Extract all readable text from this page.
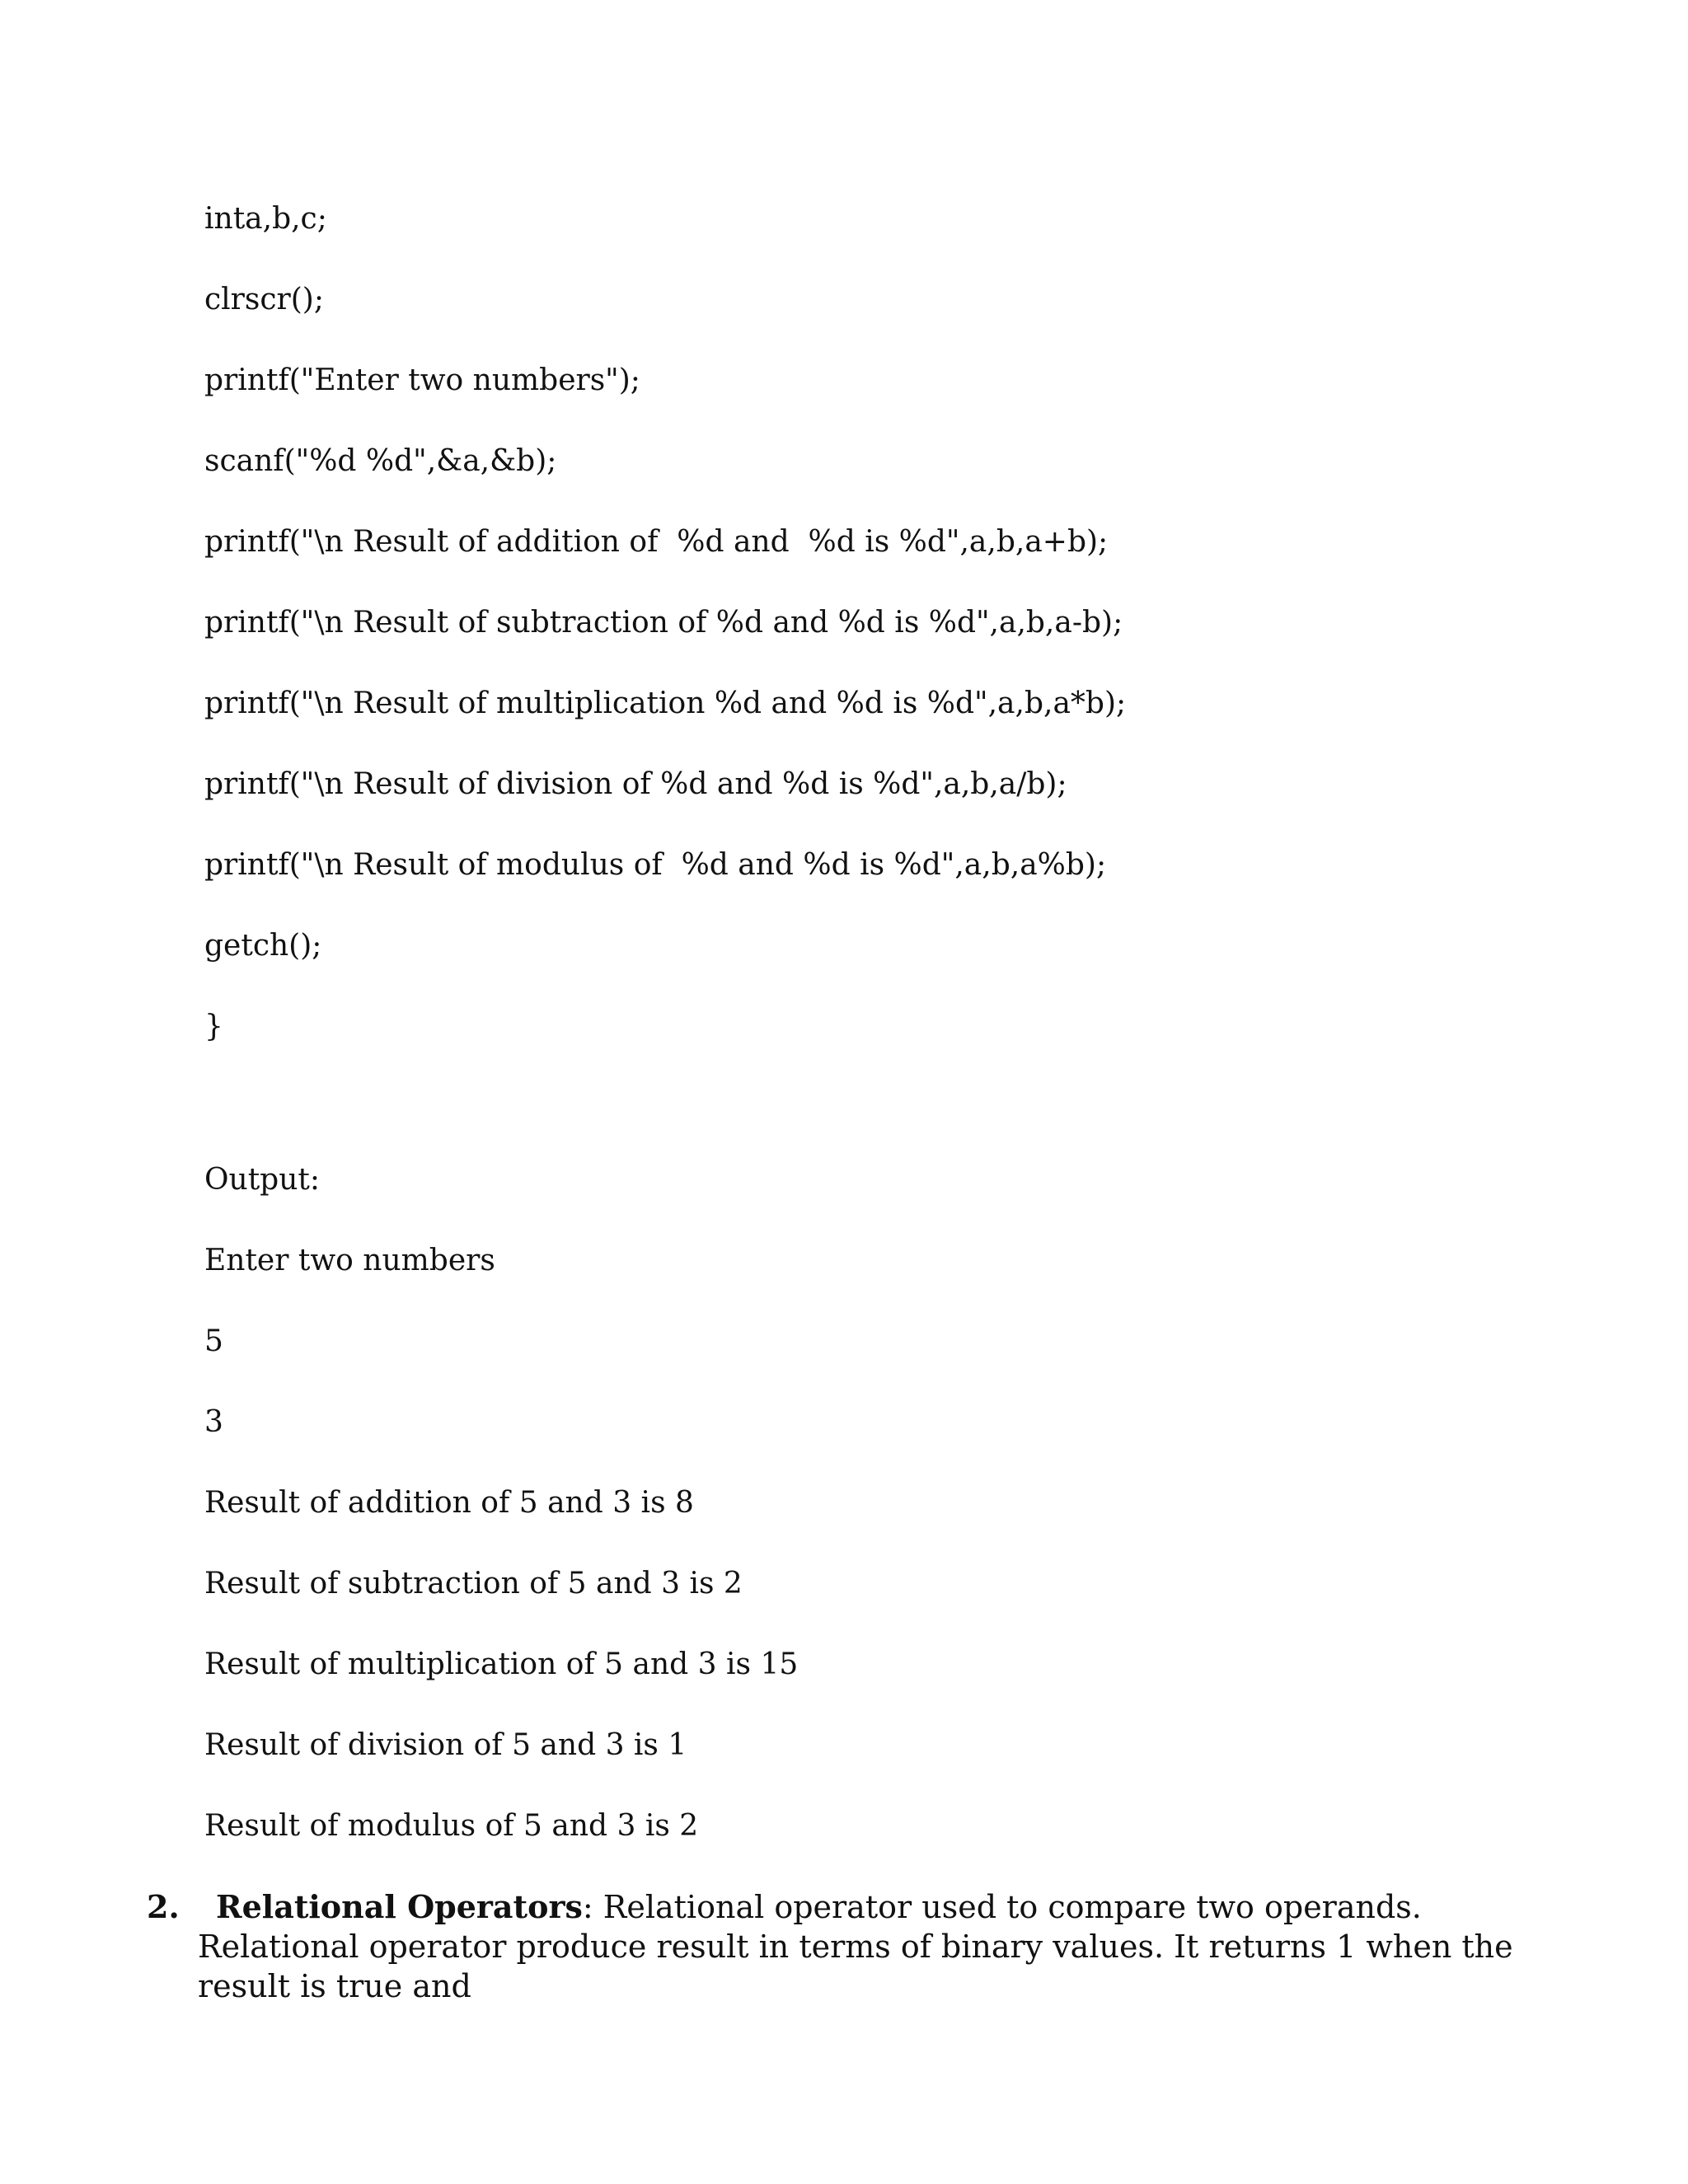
inta,b,c;
clrscr();
printf("Enter two numbers");
scanf("%d %d",&a,&b);
printf("\n Result of addition of  %d and  %d is %d",a,b,a+b);
printf("\n Result of subtraction of %d and %d is %d",a,b,a-b);
printf("\n Result of multiplication %d and %d is %d",a,b,a*b);
printf("\n Result of division of %d and %d is %d",a,b,a/b);
printf("\n Result of modulus of  %d and %d is %d",a,b,a%b);
getch();
}
Output:
Enter two numbers
5
3
Result of addition of 5 and 3 is 8
Result of subtraction of 5 and 3 is 2
Result of multiplication of 5 and 3 is 15
Result of division of 5 and 3 is 1
Result of modulus of 5 and 3 is 2
2.	Relational Operators: Relational operator used to compare two operands. Relational operator produce result in terms of binary values. It returns 1 when the result is true and
